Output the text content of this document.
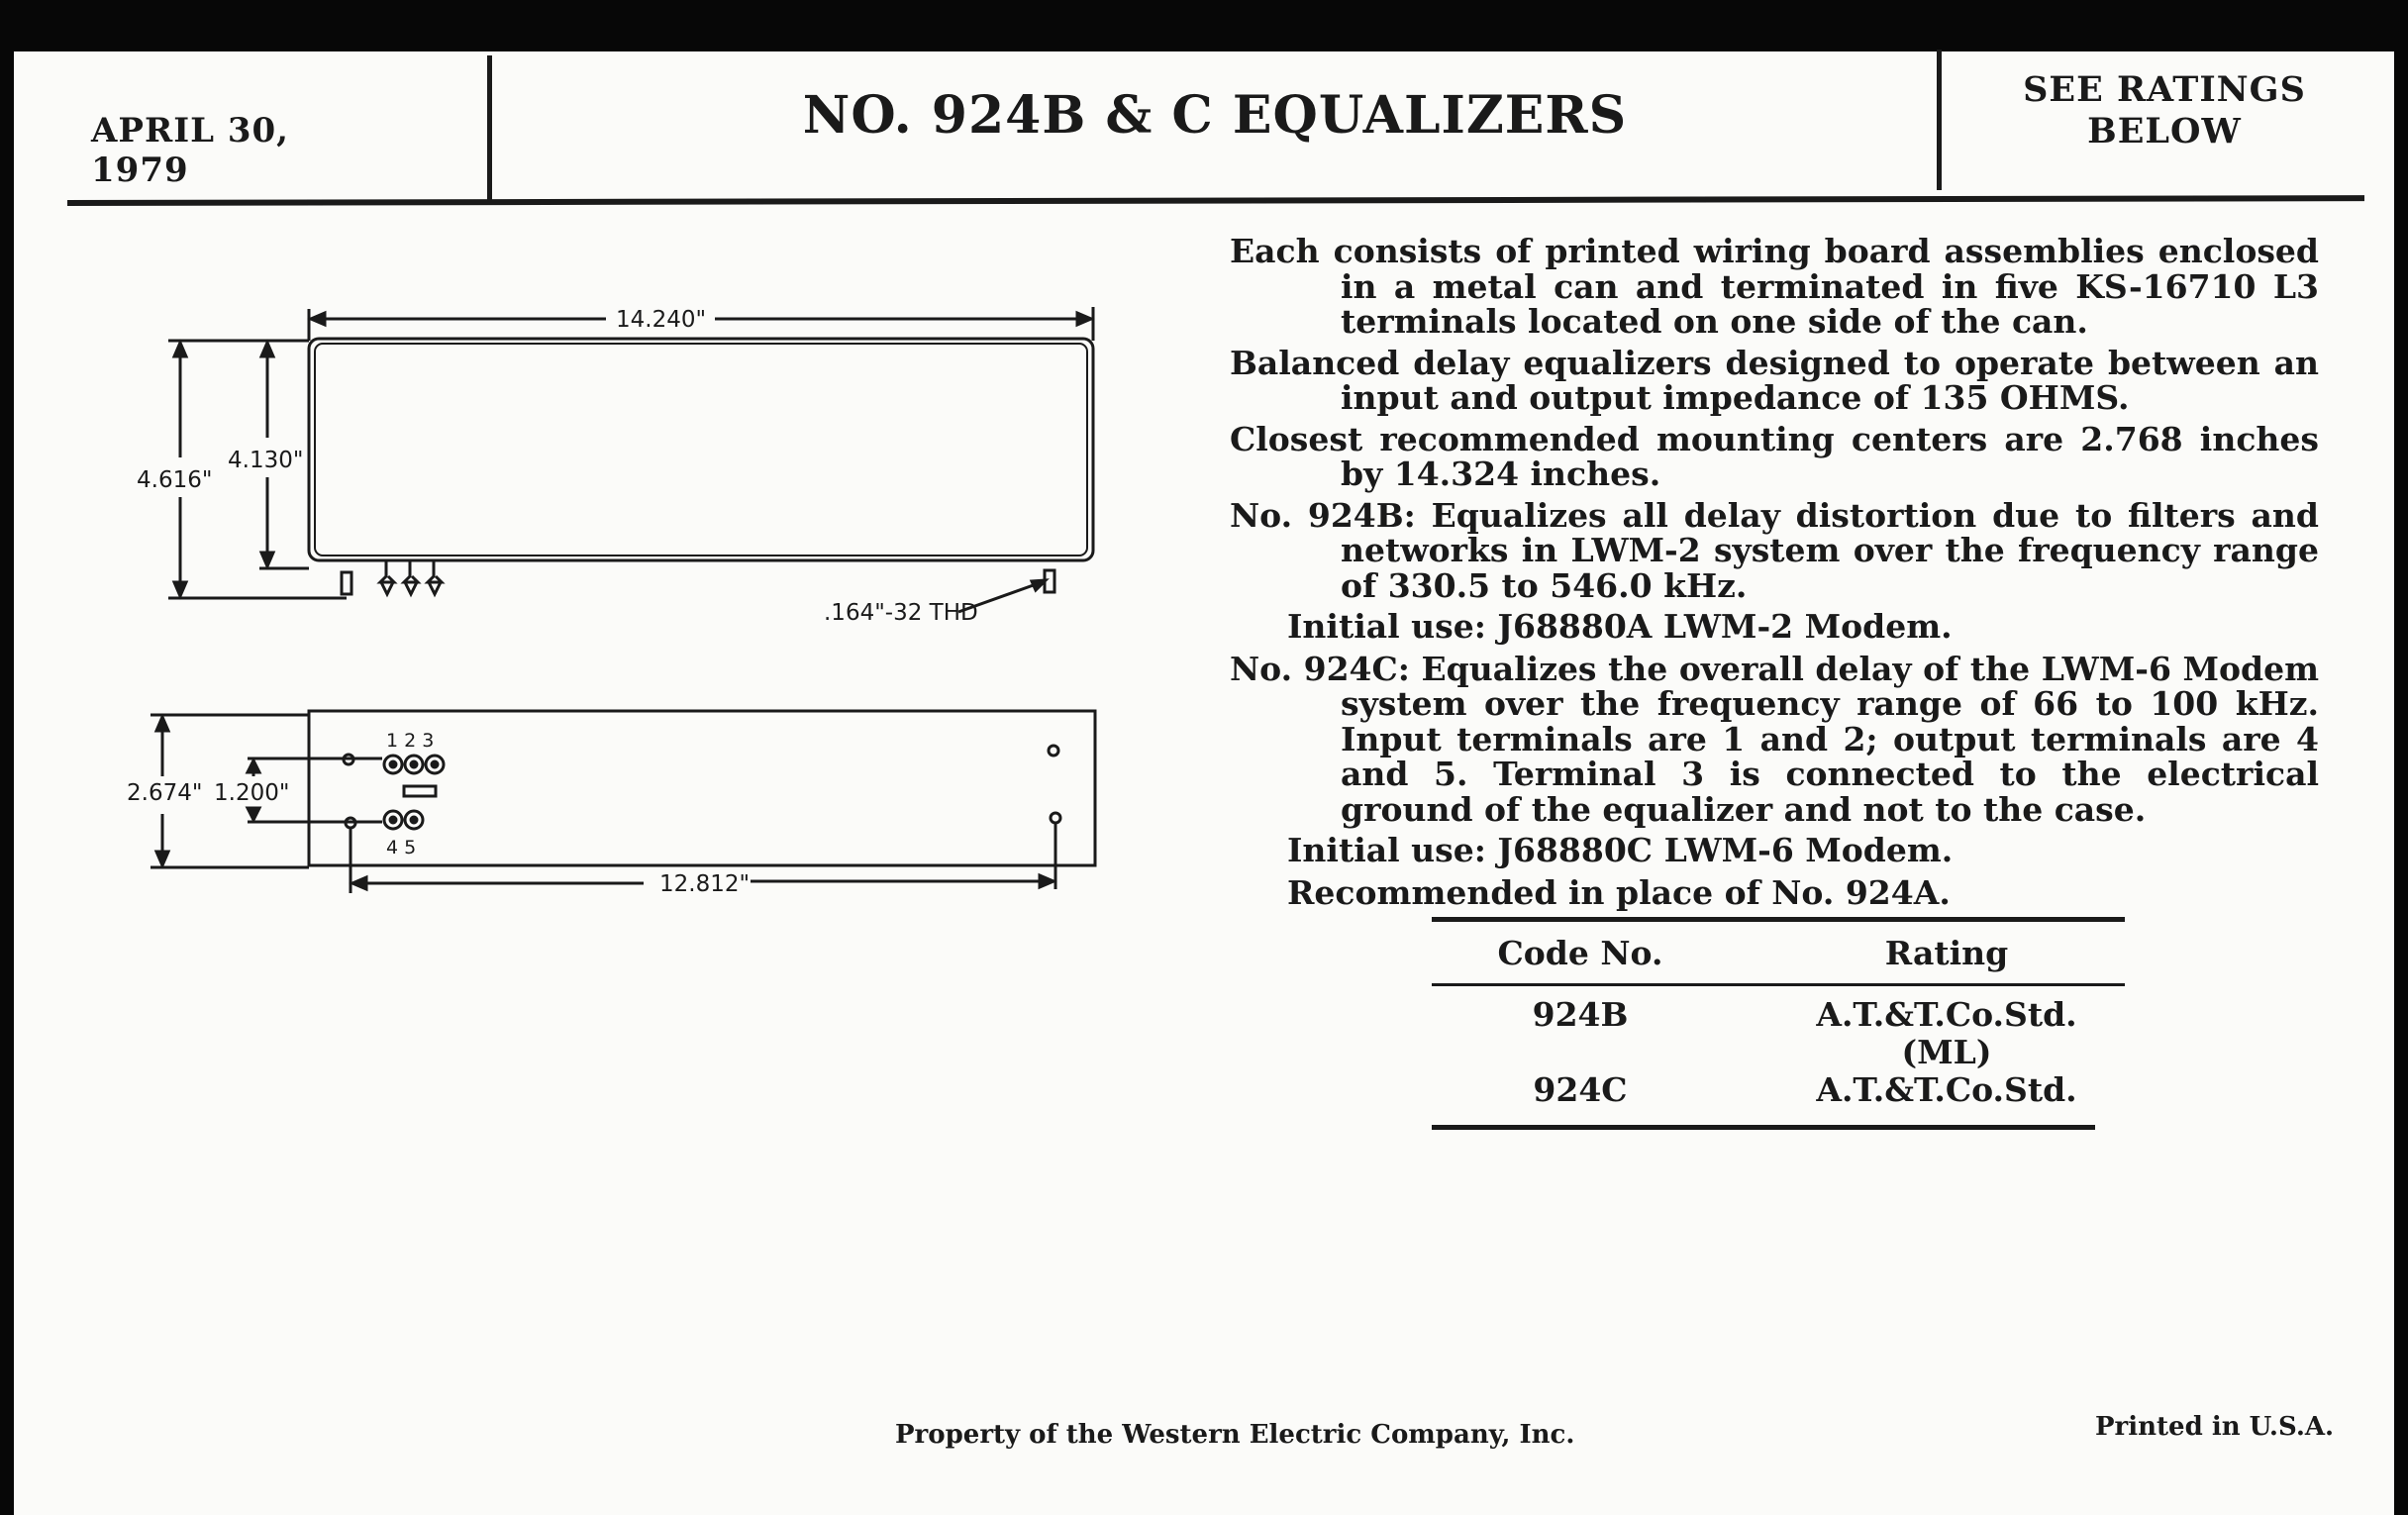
APRIL 30, 1979
NO. 924B & C EQUALIZERS	SEE RATINGS
BELOW
14.240"
4.616"
4.130"
.164"-32 THD
2.674" 1.200"
12.812"
1 2 3
4 5

Each consists of printed wiring board assemblies enclosed in a metal can and terminated in five KS-16710 L3 terminals located on one side of the can.

Balanced delay equalizers designed to operate between an input and output impedance of 135 OHMS.

Closest recommended mounting centers are 2.768 inches by 14.324 inches.

No. 924B: Equalizes all delay distortion due to filters and networks in LWM-2 system over the frequency range of 330.5 to 546.0 kHz.

Initial use: J68880A LWM-2 Modem.

No. 924C: Equalizes the overall delay of the LWM-6 Modem system over the frequency range of 66 to 100 kHz. Input terminals are 1 and 2; output terminals are 4 and 5. Terminal 3 is connected to the electrical ground of the equalizer and not to the case.

Initial use: J68880C LWM-6 Modem.

Recommended in place of No. 924A.

Code No.	Rating
924B	A.T.&T.Co.Std. (ML)
924C	A.T.&T.Co.Std.
Property of the Western Electric Company, Inc.	Printed in U.S.A.
